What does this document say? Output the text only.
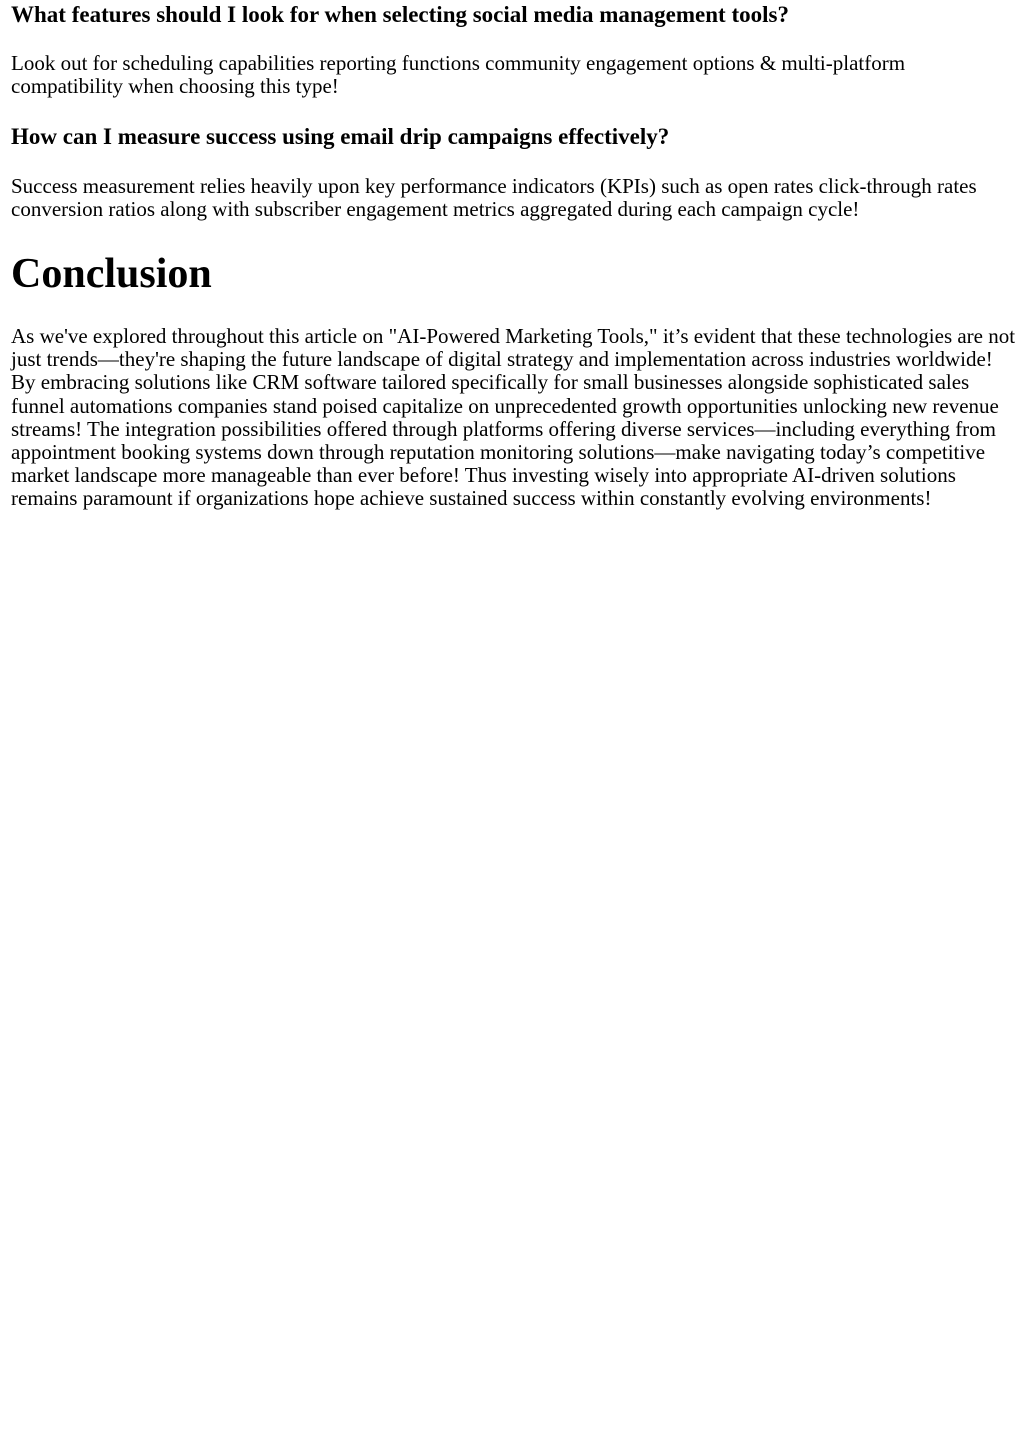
What features should I look for when selecting social media management tools?

Look out for scheduling capabilities reporting functions community engagement options & multi-platform compatibility when choosing this type!

How can I measure success using email drip campaigns effectively?

Success measurement relies heavily upon key performance indicators (KPIs) such as open rates click-through rates conversion ratios along with subscriber engagement metrics aggregated during each campaign cycle!

Conclusion

As we've explored throughout this article on "AI-Powered Marketing Tools," it’s evident that these technologies are not just trends—they're shaping the future landscape of digital strategy and implementation across industries worldwide! By embracing solutions like CRM software tailored specifically for small businesses alongside sophisticated sales funnel automations companies stand poised capitalize on unprecedented growth opportunities unlocking new revenue streams! The integration possibilities offered through platforms offering diverse services—including everything from appointment booking systems down through reputation monitoring solutions—make navigating today’s competitive market landscape more manageable than ever before! Thus investing wisely into appropriate AI-driven solutions remains paramount if organizations hope achieve sustained success within constantly evolving environments!
